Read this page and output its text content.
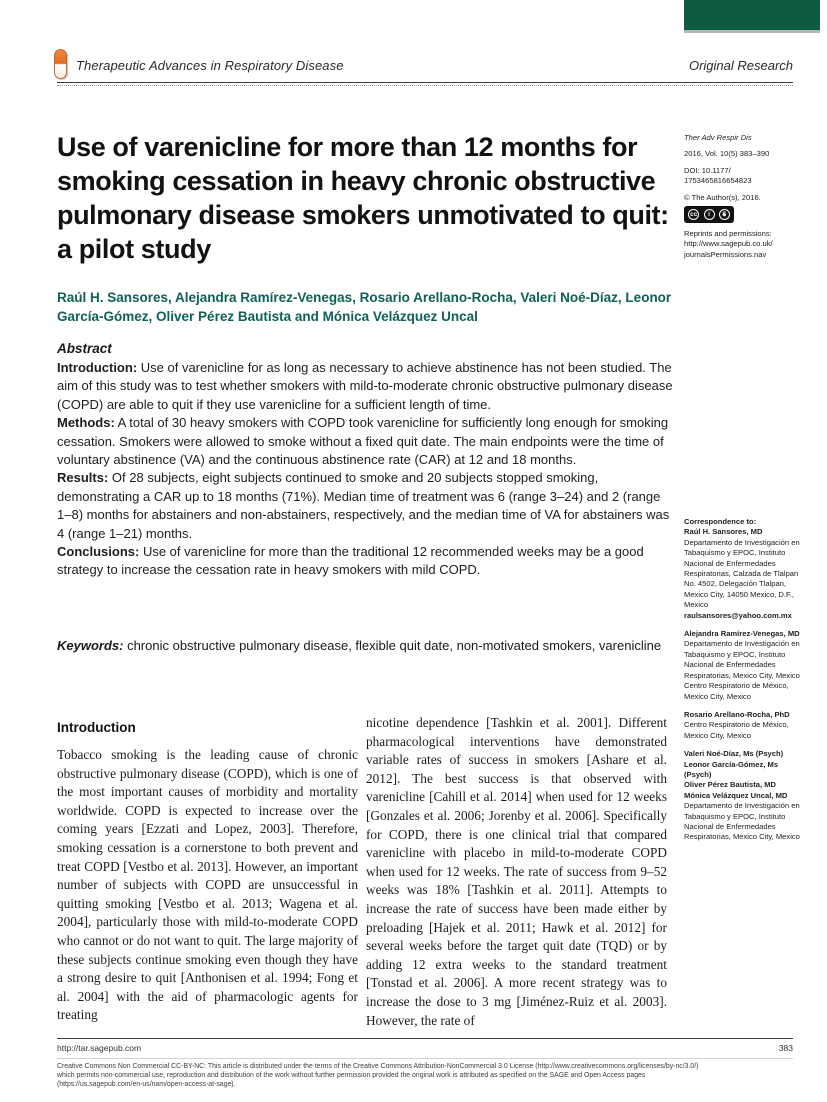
Therapeutic Advances in Respiratory Disease	Original Research
Use of varenicline for more than 12 months for smoking cessation in heavy chronic obstructive pulmonary disease smokers unmotivated to quit: a pilot study
Raúl H. Sansores, Alejandra Ramírez-Venegas, Rosario Arellano-Rocha, Valeri Noé-Díaz, Leonor García-Gómez, Oliver Pérez Bautista and Mónica Velázquez Uncal
Abstract
Introduction: Use of varenicline for as long as necessary to achieve abstinence has not been studied. The aim of this study was to test whether smokers with mild-to-moderate chronic obstructive pulmonary disease (COPD) are able to quit if they use varenicline for a sufficient length of time.
Methods: A total of 30 heavy smokers with COPD took varenicline for sufficiently long enough for smoking cessation. Smokers were allowed to smoke without a fixed quit date. The main endpoints were the time of voluntary abstinence (VA) and the continuous abstinence rate (CAR) at 12 and 18 months.
Results: Of 28 subjects, eight subjects continued to smoke and 20 subjects stopped smoking, demonstrating a CAR up to 18 months (71%). Median time of treatment was 6 (range 3–24) and 2 (range 1–8) months for abstainers and non-abstainers, respectively, and the median time of VA for abstainers was 4 (range 1–21) months.
Conclusions: Use of varenicline for more than the traditional 12 recommended weeks may be a good strategy to increase the cessation rate in heavy smokers with mild COPD.
Keywords: chronic obstructive pulmonary disease, flexible quit date, non-motivated smokers, varenicline
Introduction
Tobacco smoking is the leading cause of chronic obstructive pulmonary disease (COPD), which is one of the most important causes of morbidity and mortality worldwide. COPD is expected to increase over the coming years [Ezzati and Lopez, 2003]. Therefore, smoking cessation is a cornerstone to both prevent and treat COPD [Vestbo et al. 2013]. However, an important number of subjects with COPD are unsuccessful in quitting smoking [Vestbo et al. 2013; Wagena et al. 2004], particularly those with mild-to-moderate COPD who cannot or do not want to quit. The large majority of these subjects continue smoking even though they have a strong desire to quit [Anthonisen et al. 1994; Fong et al. 2004] with the aid of pharmacologic agents for treating
nicotine dependence [Tashkin et al. 2001]. Different pharmacological interventions have demonstrated variable rates of success in smokers [Ashare et al. 2012]. The best success is that observed with varenicline [Cahill et al. 2014] when used for 12 weeks [Gonzales et al. 2006; Jorenby et al. 2006]. Specifically for COPD, there is one clinical trial that compared varenicline with placebo in mild-to-moderate COPD when used for 12 weeks. The rate of success from 9–52 weeks was 18% [Tashkin et al. 2011]. Attempts to increase the rate of success have been made either by preloading [Hajek et al. 2011; Hawk et al. 2012] for several weeks before the target quit date (TQD) or by adding 12 extra weeks to the standard treatment [Tonstad et al. 2006]. A more recent strategy was to increase the dose to 3 mg [Jiménez-Ruiz et al. 2003]. However, the rate of
Ther Adv Respir Dis
2016, Vol. 10(5) 383–390
DOI: 10.1177/
1753465816654823
© The Author(s), 2016.
cc	i	$
Reprints and permissions:
http://www.sagepub.co.uk/
journalsPermissions.nav
Correspondence to:
Raúl H. Sansores, MD
Departamento de Investigación en Tabaquismo y EPOC, Instituto Nacional de Enfermedades Respiratorias, Calzada de Tlalpan No. 4502, Delegación Tlalpan, Mexico City, 14050 Mexico, D.F., Mexico
raulsansores@yahoo.com.mx
Alejandra Ramírez-Venegas, MD
Departamento de Investigación en Tabaquismo y EPOC, Instituto Nacional de Enfermedades Respiratorias, Mexico City, Mexico
Centro Respiratorio de México, Mexico City, Mexico
Rosario Arellano-Rocha, PhD
Centro Respiratorio de México, Mexico City, Mexico
Valeri Noé-Díaz, Ms (Psych)
Leonor García-Gómez, Ms (Psych)
Oliver Pérez Bautista, MD
Mónica Velázquez Uncal, MD
Departamento de Investigación en Tabaquismo y EPOC, Instituto Nacional de Enfermedades Respiratorias, Mexico City, Mexico
http://tar.sagepub.com	383
Creative Commons Non Commercial CC-BY-NC: This article is distributed under the terms of the Creative Commons Attribution-NonCommercial 3.0 License (http://www.creativecommons.org/licenses/by-nc/3.0/)
which permits non-commercial use, reproduction and distribution of the work without further permission provided the original work is attributed as specified on the SAGE and Open Access pages
(https://us.sagepub.com/en-us/nam/open-access-at-sage).
